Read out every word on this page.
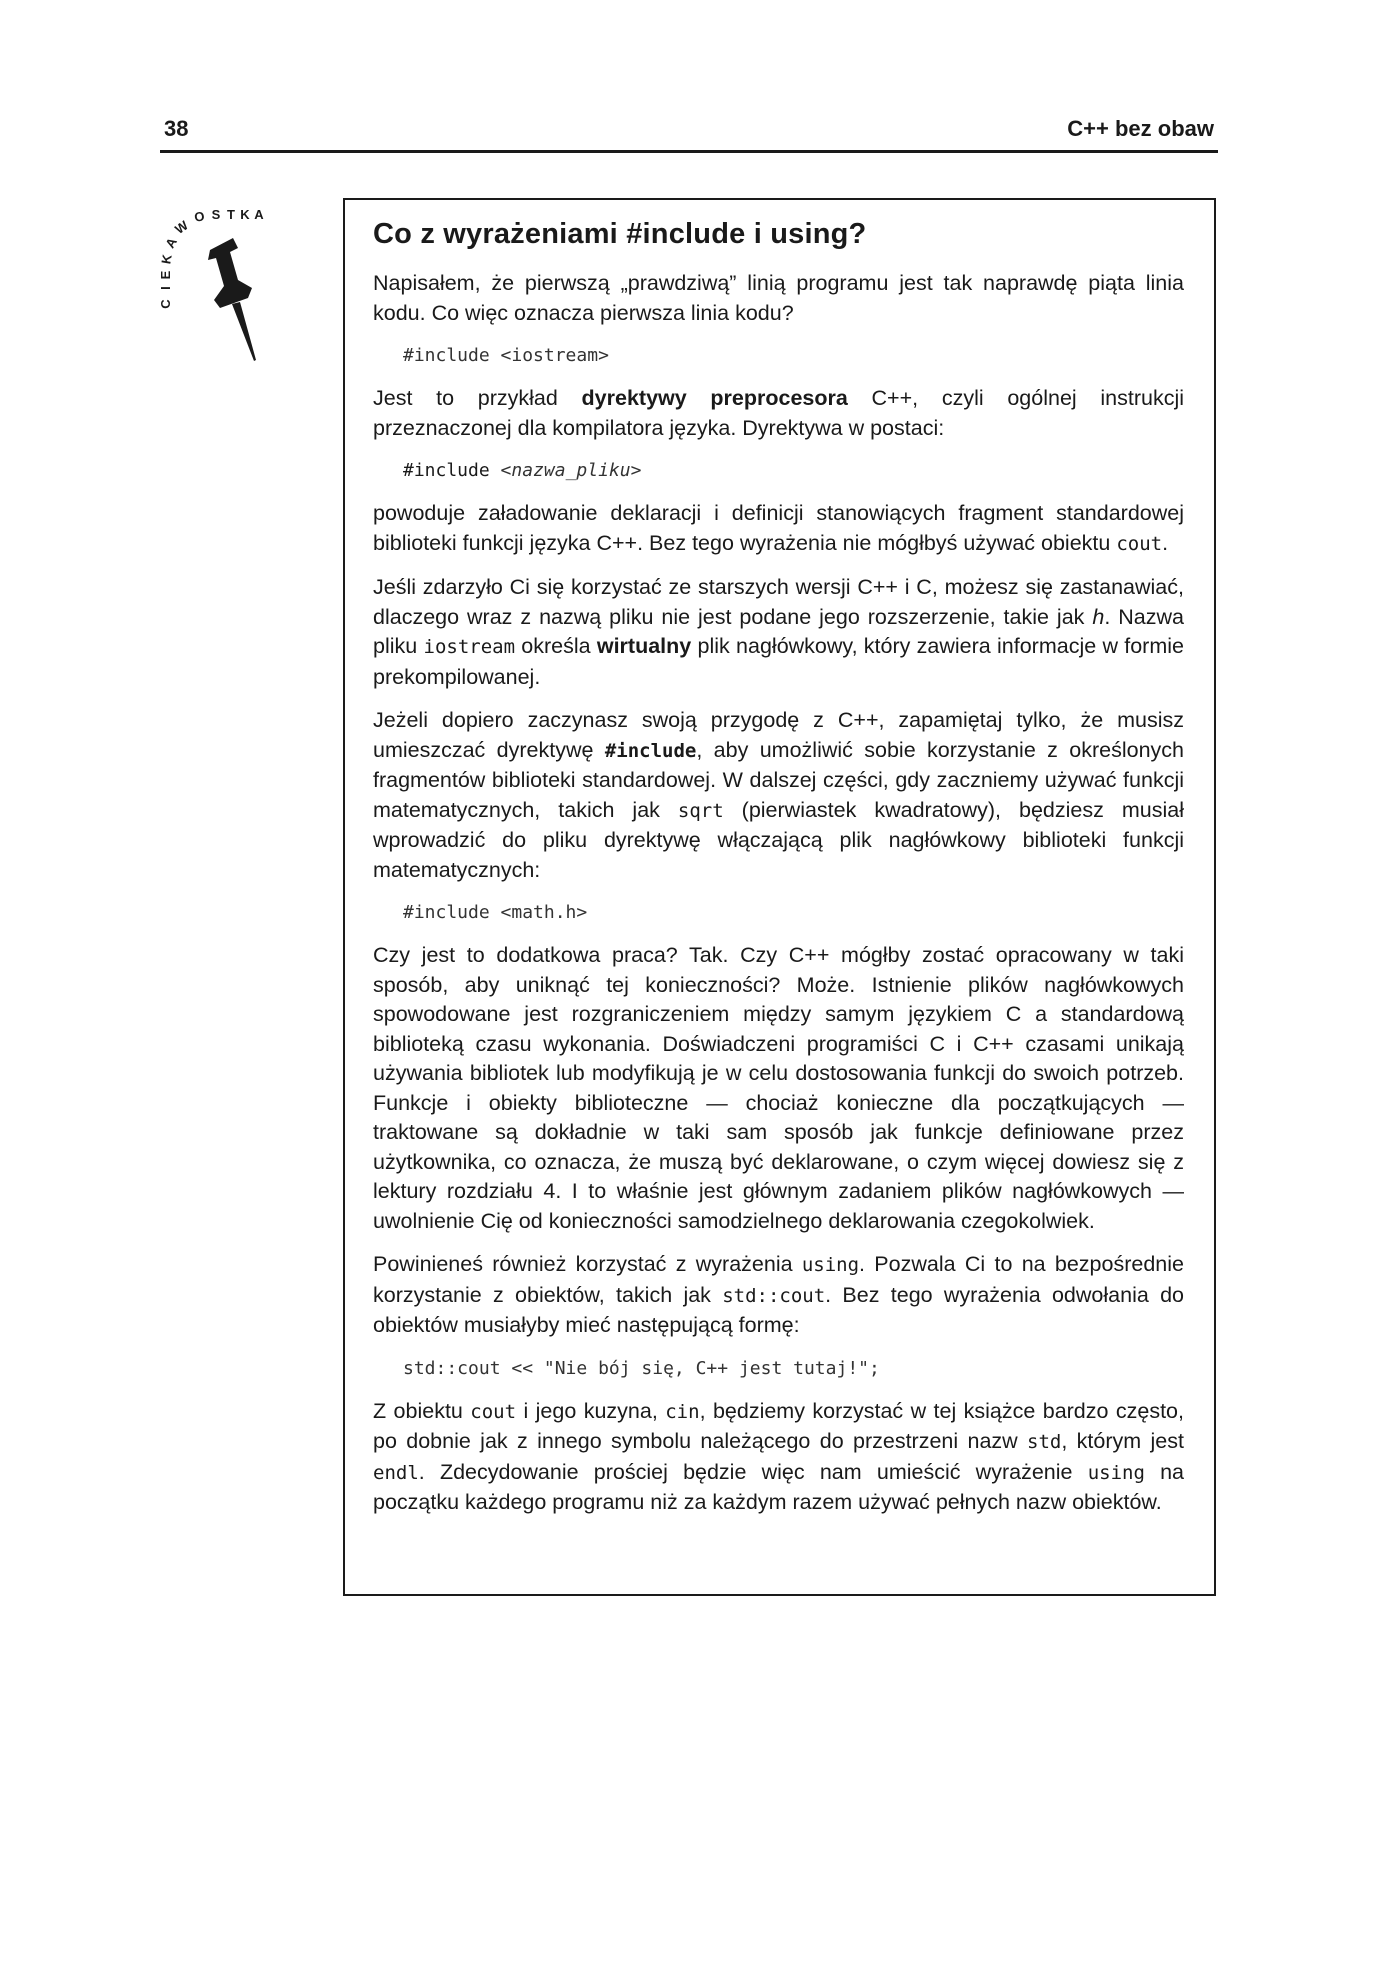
38	C++ bez obaw
C
I
E
K
A
W
O S T K A
Co z wyrażeniami #include i using?

Napisałem, że pierwszą „prawdziwą” linią programu jest tak naprawdę piąta linia kodu. Co więc oznacza pierwsza linia kodu?

#include <iostream>

Jest to przykład dyrektywy preprocesora C++, czyli ogólnej instrukcji przeznaczonej dla kompilatora języka. Dyrektywa w postaci:

#include <nazwa_pliku>

powoduje załadowanie deklaracji i definicji stanowiących fragment standardowej biblioteki funkcji języka C++. Bez tego wyrażenia nie mógłbyś używać obiektu cout.

Jeśli zdarzyło Ci się korzystać ze starszych wersji C++ i C, możesz się zastanawiać, dlaczego wraz z nazwą pliku nie jest podane jego rozszerzenie, takie jak h. Nazwa pliku iostream określa wirtualny plik nagłówkowy, który zawiera informacje w formie prekompilowanej.

Jeżeli dopiero zaczynasz swoją przygodę z C++, zapamiętaj tylko, że musisz umieszczać dyrektywę #include, aby umożliwić sobie korzystanie z określonych fragmentów biblioteki standardowej. W dalszej części, gdy zaczniemy używać funkcji matematycznych, takich jak sqrt (pierwiastek kwadratowy), będziesz musiał wprowadzić do pliku dyrektywę włączającą plik nagłówkowy biblioteki funkcji matematycznych:

#include <math.h>

Czy jest to dodatkowa praca? Tak. Czy C++ mógłby zostać opracowany w taki sposób, aby uniknąć tej konieczności? Może. Istnienie plików nagłówkowych spowodowane jest rozgraniczeniem między samym językiem C a standardową biblioteką czasu wykonania. Doświadczeni programiści C i C++ czasami unikają używania bibliotek lub modyfikują je w celu dostosowania funkcji do swoich potrzeb. Funkcje i obiekty biblioteczne — chociaż konieczne dla początkujących — traktowane są dokładnie w taki sam sposób jak funkcje definiowane przez użytkownika, co oznacza, że muszą być deklarowane, o czym więcej dowiesz się z lektury rozdziału 4. I to właśnie jest głównym zadaniem plików nagłówkowych — uwolnienie Cię od konieczności samodzielnego deklarowania czegokolwiek.

Powinieneś również korzystać z wyrażenia using. Pozwala Ci to na bezpośrednie korzystanie z obiektów, takich jak std::cout. Bez tego wyrażenia odwołania do obiektów musiałyby mieć następującą formę:

std::cout << "Nie bój się, C++ jest tutaj!";

Z obiektu cout i jego kuzyna, cin, będziemy korzystać w tej książce bardzo często, po dobnie jak z innego symbolu należącego do przestrzeni nazw std, którym jest endl. Zdecydowanie prościej będzie więc nam umieścić wyrażenie using na początku każdego programu niż za każdym razem używać pełnych nazw obiektów.
